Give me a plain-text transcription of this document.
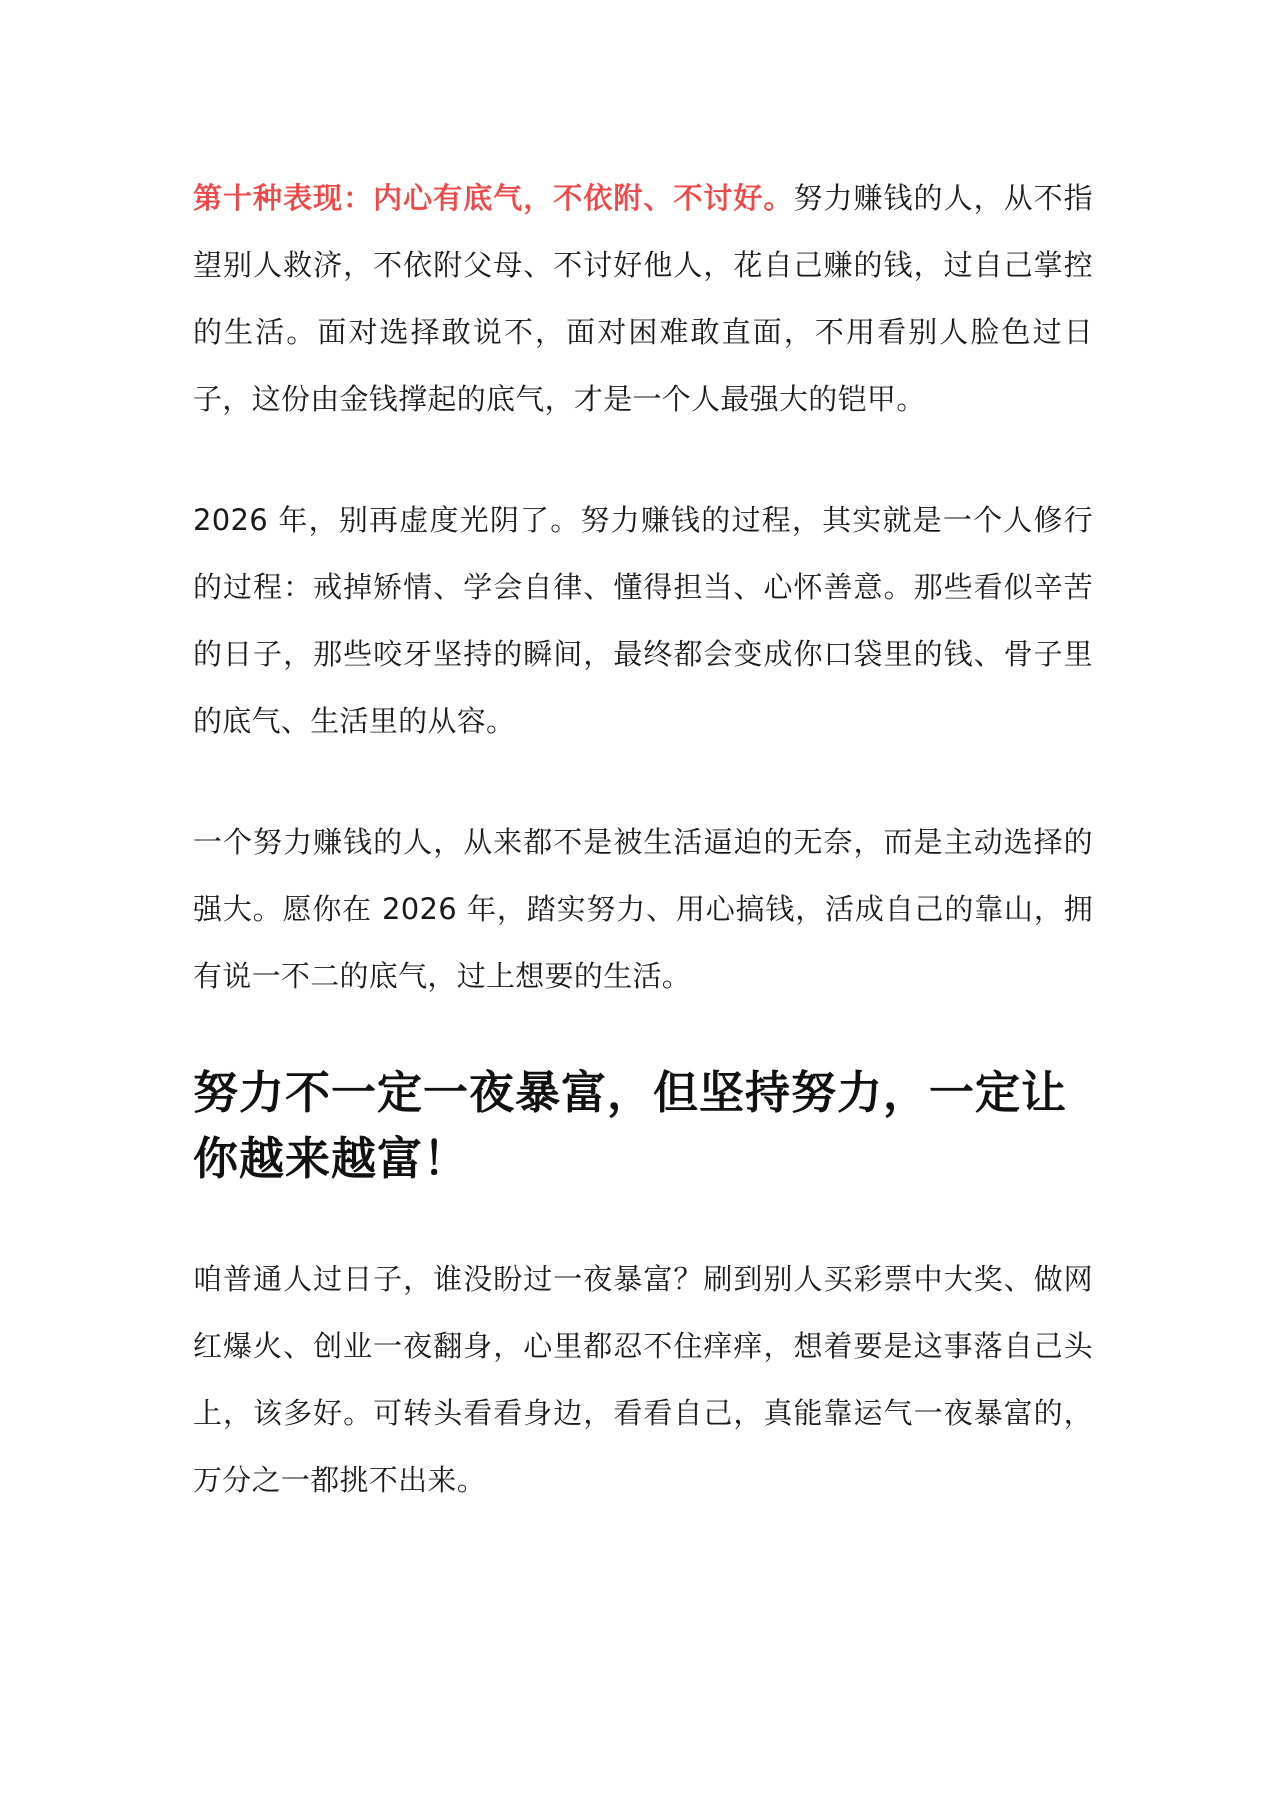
第十种表现：内心有底气，不依附、不讨好。努力赚钱的人，从不指望别人救济，不依附父母、不讨好他人，花自己赚的钱，过自己掌控的生活。面对选择敢说不，面对困难敢直面，不用看别人脸色过日子，这份由金钱撑起的底气，才是一个人最强大的铠甲。

2026 年，别再虚度光阴了。努力赚钱的过程，其实就是一个人修行的过程：戒掉矫情、学会自律、懂得担当、心怀善意。那些看似辛苦的日子，那些咬牙坚持的瞬间，最终都会变成你口袋里的钱、骨子里的底气、生活里的从容。

一个努力赚钱的人，从来都不是被生活逼迫的无奈，而是主动选择的强大。愿你在 2026 年，踏实努力、用心搞钱，活成自己的靠山，拥有说一不二的底气，过上想要的生活。

努力不一定一夜暴富，但坚持努力，一定让你越来越富！

咱普通人过日子，谁没盼过一夜暴富？刷到别人买彩票中大奖、做网红爆火、创业一夜翻身，心里都忍不住痒痒，想着要是这事落自己头上，该多好。可转头看看身边，看看自己，真能靠运气一夜暴富的，万分之一都挑不出来。
